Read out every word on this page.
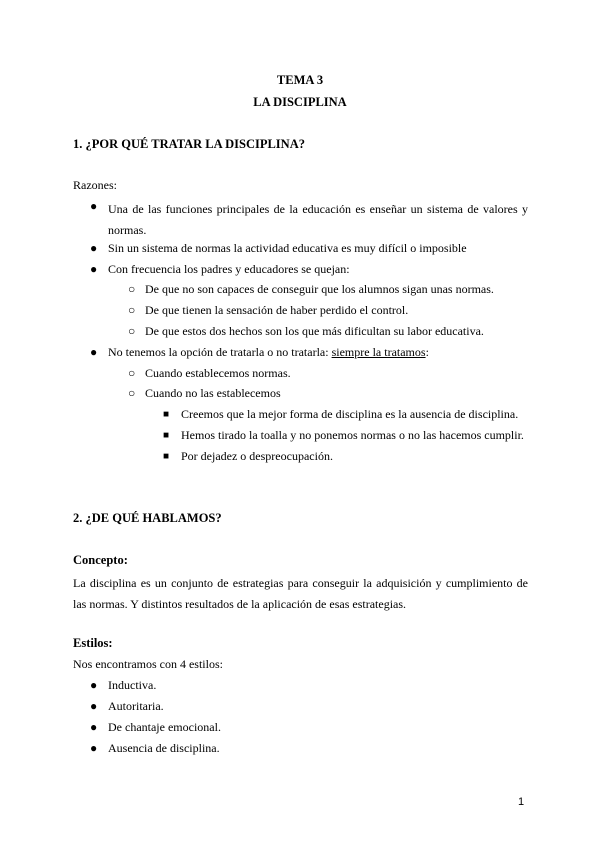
TEMA 3
LA DISCIPLINA
1. ¿POR QUÉ TRATAR LA DISCIPLINA?
Razones:
● Una de las funciones principales de la educación es enseñar un sistema de valores y normas.
● Sin un sistema de normas la actividad educativa es muy difícil o imposible
● Con frecuencia los padres y educadores se quejan:
○ De que no son capaces de conseguir que los alumnos sigan unas normas.
○ De que tienen la sensación de haber perdido el control.
○ De que estos dos hechos son los que más dificultan su labor educativa.
● No tenemos la opción de tratarla o no tratarla: siempre la tratamos:
○ Cuando establecemos normas.
○ Cuando no las establecemos
■ Creemos que la mejor forma de disciplina es la ausencia de disciplina.
■ Hemos tirado la toalla y no ponemos normas o no las hacemos cumplir.
■ Por dejadez o despreocupación.
2. ¿DE QUÉ HABLAMOS?
Concepto:
La disciplina es un conjunto de estrategias para conseguir la adquisición y cumplimiento de las normas. Y distintos resultados de la aplicación de esas estrategias.
Estilos:
Nos encontramos con 4 estilos:
● Inductiva.
● Autoritaria.
● De chantaje emocional.
● Ausencia de disciplina.
1
